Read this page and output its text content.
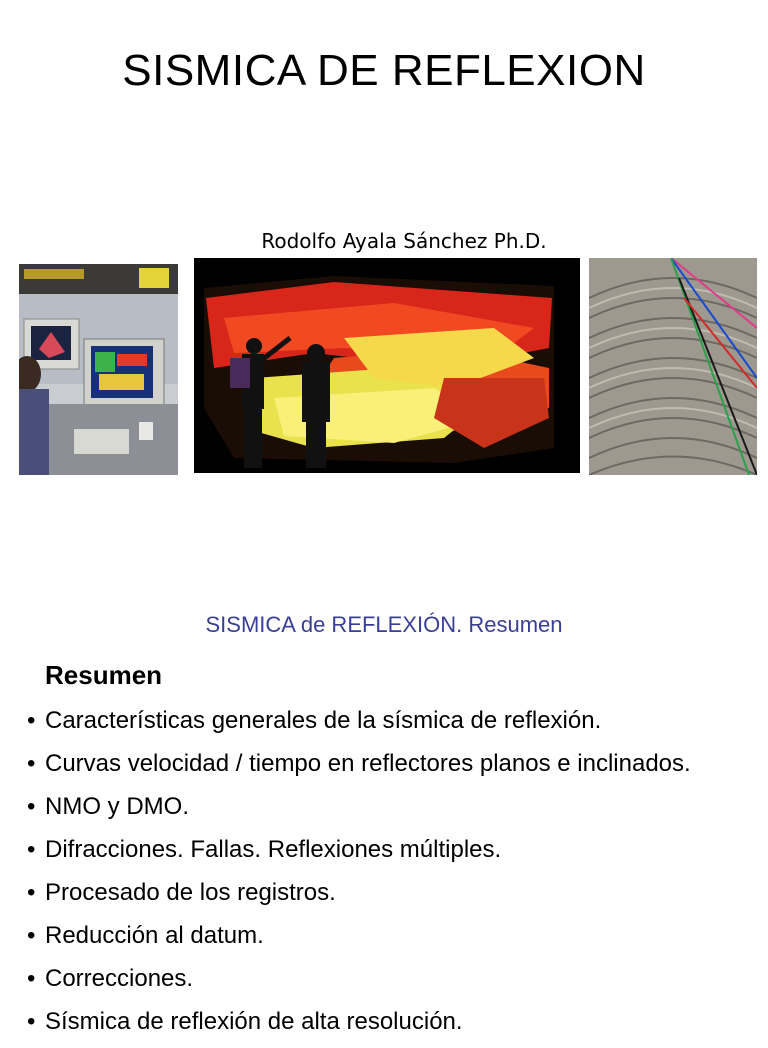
SISMICA DE REFLEXION
Rodolfo Ayala Sánchez Ph.D.
SISMICA de REFLEXIÓN. Resumen
Resumen
• Características generales de la sísmica de reflexión.
• Curvas velocidad / tiempo en reflectores planos e inclinados.
• NMO y DMO.
• Difracciones. Fallas. Reflexiones múltiples.
• Procesado de los registros.
• Reducción al datum.
• Correcciones.
• Sísmica de reflexión de alta resolución.
